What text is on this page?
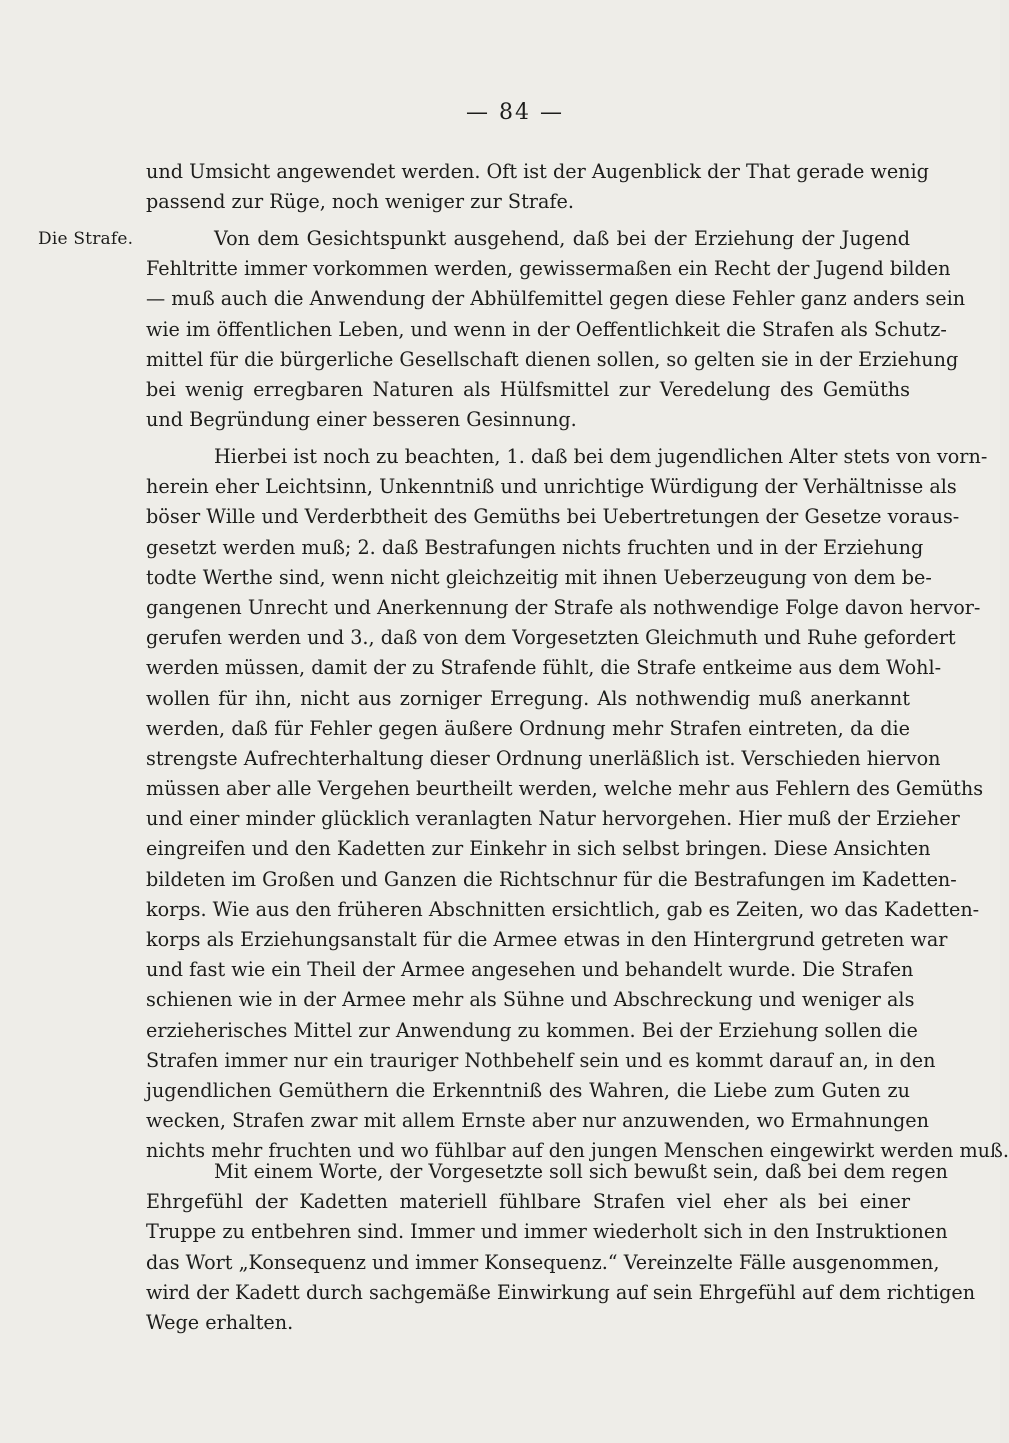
— 84 —
Die Strafe.
und Umsicht angewendet werden. Oft ist der Augenblick der That gerade wenig
passend zur Rüge, noch weniger zur Strafe.
Von dem Gesichtspunkt ausgehend, daß bei der Erziehung der Jugend
Fehltritte immer vorkommen werden, gewissermaßen ein Recht der Jugend bilden
— muß auch die Anwendung der Abhülfemittel gegen diese Fehler ganz anders sein
wie im öffentlichen Leben, und wenn in der Oeffentlichkeit die Strafen als Schutz-
mittel für die bürgerliche Gesellschaft dienen sollen, so gelten sie in der Erziehung
bei wenig erregbaren Naturen als Hülfsmittel zur Veredelung des Gemüths
und Begründung einer besseren Gesinnung.
Hierbei ist noch zu beachten, 1. daß bei dem jugendlichen Alter stets von vorn-
herein eher Leichtsinn, Unkenntniß und unrichtige Würdigung der Verhältnisse als
böser Wille und Verderbtheit des Gemüths bei Uebertretungen der Gesetze voraus-
gesetzt werden muß; 2. daß Bestrafungen nichts fruchten und in der Erziehung
todte Werthe sind, wenn nicht gleichzeitig mit ihnen Ueberzeugung von dem be-
gangenen Unrecht und Anerkennung der Strafe als nothwendige Folge davon hervor-
gerufen werden und 3., daß von dem Vorgesetzten Gleichmuth und Ruhe gefordert
werden müssen, damit der zu Strafende fühlt, die Strafe entkeime aus dem Wohl-
wollen für ihn, nicht aus zorniger Erregung. Als nothwendig muß anerkannt
werden, daß für Fehler gegen äußere Ordnung mehr Strafen eintreten, da die
strengste Aufrechterhaltung dieser Ordnung unerläßlich ist. Verschieden hiervon
müssen aber alle Vergehen beurtheilt werden, welche mehr aus Fehlern des Gemüths
und einer minder glücklich veranlagten Natur hervorgehen. Hier muß der Erzieher
eingreifen und den Kadetten zur Einkehr in sich selbst bringen. Diese Ansichten
bildeten im Großen und Ganzen die Richtschnur für die Bestrafungen im Kadetten-
korps. Wie aus den früheren Abschnitten ersichtlich, gab es Zeiten, wo das Kadetten-
korps als Erziehungsanstalt für die Armee etwas in den Hintergrund getreten war
und fast wie ein Theil der Armee angesehen und behandelt wurde. Die Strafen
schienen wie in der Armee mehr als Sühne und Abschreckung und weniger als
erzieherisches Mittel zur Anwendung zu kommen. Bei der Erziehung sollen die
Strafen immer nur ein trauriger Nothbehelf sein und es kommt darauf an, in den
jugendlichen Gemüthern die Erkenntniß des Wahren, die Liebe zum Guten zu
wecken, Strafen zwar mit allem Ernste aber nur anzuwenden, wo Ermahnungen
nichts mehr fruchten und wo fühlbar auf den jungen Menschen eingewirkt werden muß.
Mit einem Worte, der Vorgesetzte soll sich bewußt sein, daß bei dem regen
Ehrgefühl der Kadetten materiell fühlbare Strafen viel eher als bei einer
Truppe zu entbehren sind. Immer und immer wiederholt sich in den Instruktionen
das Wort „Konsequenz und immer Konsequenz.“ Vereinzelte Fälle ausgenommen,
wird der Kadett durch sachgemäße Einwirkung auf sein Ehrgefühl auf dem richtigen
Wege erhalten.
